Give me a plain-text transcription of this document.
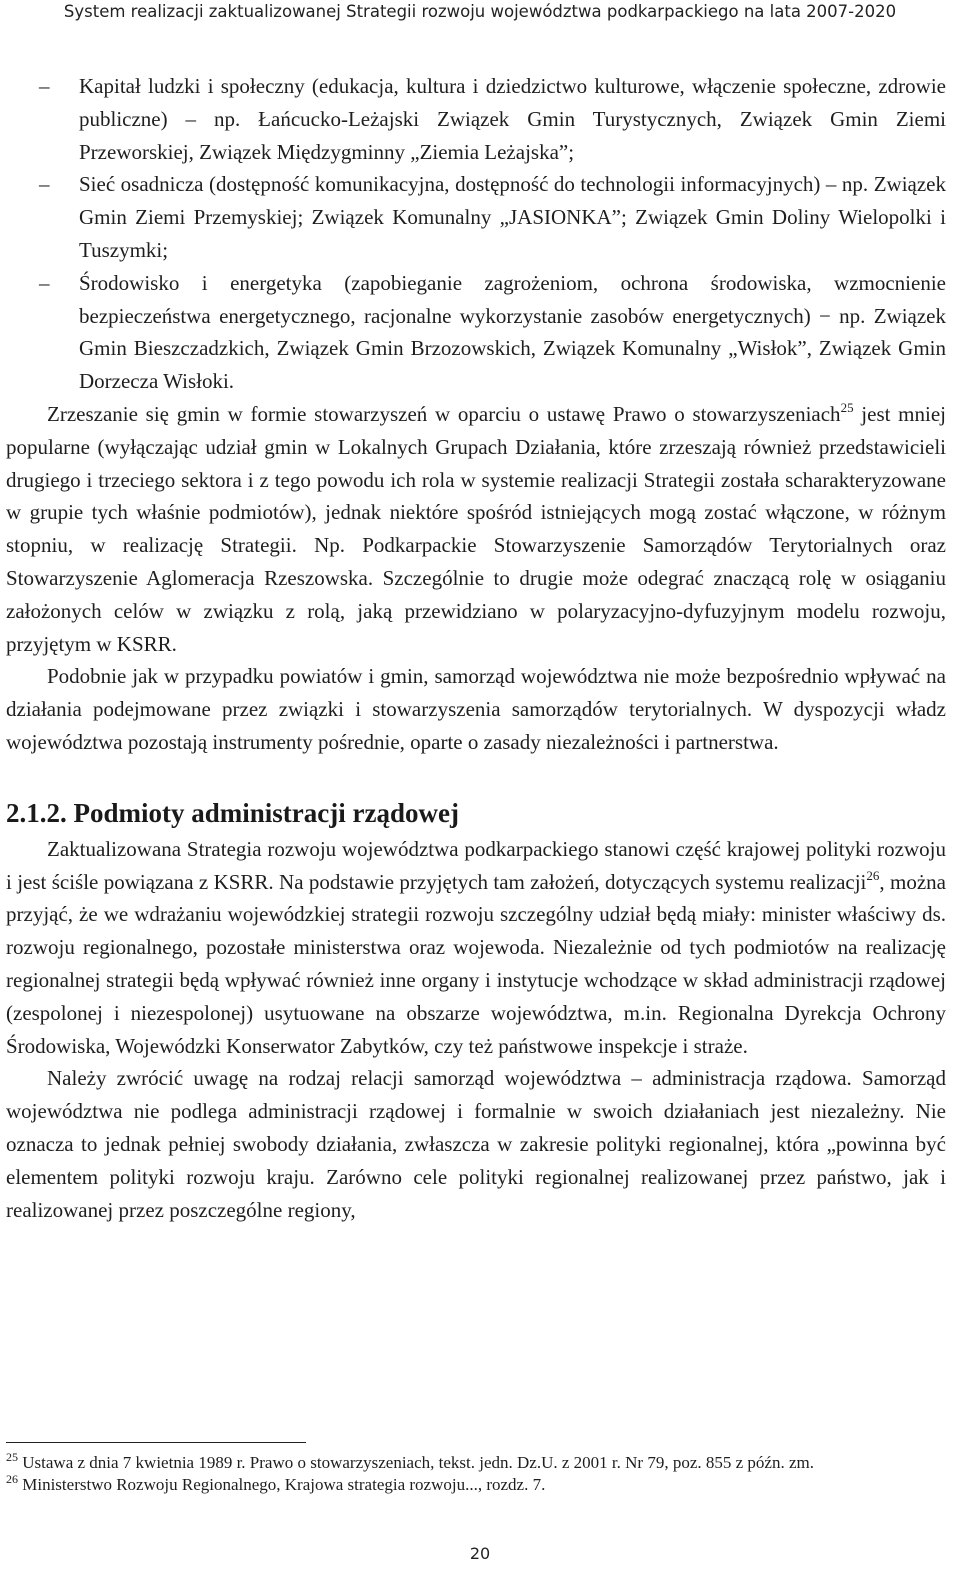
System realizacji zaktualizowanej Strategii rozwoju województwa podkarpackiego na lata 2007-2020
– Kapitał ludzki i społeczny (edukacja, kultura i dziedzictwo kulturowe, włączenie społeczne, zdrowie publiczne) – np. Łańcucko-Leżajski Związek Gmin Turystycznych, Związek Gmin Ziemi Przeworskiej, Związek Międzygminny „Ziemia Leżajska”;
– Sieć osadnicza (dostępność komunikacyjna, dostępność do technologii informacyjnych) – np. Związek Gmin Ziemi Przemyskiej; Związek Komunalny „JASIONKA”; Związek Gmin Doliny Wielopolki i Tuszymki;
– Środowisko i energetyka (zapobieganie zagrożeniom, ochrona środowiska, wzmocnienie bezpieczeństwa energetycznego, racjonalne wykorzystanie zasobów energetycznych) − np. Związek Gmin Bieszczadzkich, Związek Gmin Brzozowskich, Związek Komunalny „Wisłok”, Związek Gmin Dorzecza Wisłoki.

Zrzeszanie się gmin w formie stowarzyszeń w oparciu o ustawę Prawo o stowarzyszeniach$^{25}$ jest mniej popularne (wyłączając udział gmin w Lokalnych Grupach Działania, które zrzeszają również przedstawicieli drugiego i trzeciego sektora i z tego powodu ich rola w systemie realizacji Strategii została scharakteryzowane w grupie tych właśnie podmiotów), jednak niektóre spośród istniejących mogą zostać włączone, w różnym stopniu, w realizację Strategii. Np. Podkarpackie Stowarzyszenie Samorządów Terytorialnych oraz Stowarzyszenie Aglomeracja Rzeszowska. Szczególnie to drugie może odegrać znaczącą rolę w osiąganiu założonych celów w związku z rolą, jaką przewidziano w polaryzacyjno-dyfuzyjnym modelu rozwoju, przyjętym w KSRR.

Podobnie jak w przypadku powiatów i gmin, samorząd województwa nie może bezpośrednio wpływać na działania podejmowane przez związki i stowarzyszenia samorządów terytorialnych. W dyspozycji władz województwa pozostają instrumenty pośrednie, oparte o zasady niezależności i partnerstwa.

2.1.2. Podmioty administracji rządowej

Zaktualizowana Strategia rozwoju województwa podkarpackiego stanowi część krajowej polityki rozwoju i jest ściśle powiązana z KSRR. Na podstawie przyjętych tam założeń, dotyczących systemu realizacji$^{26}$, można przyjąć, że we wdrażaniu wojewódzkiej strategii rozwoju szczególny udział będą miały: minister właściwy ds. rozwoju regionalnego, pozostałe ministerstwa oraz wojewoda. Niezależnie od tych podmiotów na realizację regionalnej strategii będą wpływać również inne organy i instytucje wchodzące w skład administracji rządowej (zespolonej i niezespolonej) usytuowane na obszarze województwa, m.in. Regionalna Dyrekcja Ochrony Środowiska, Wojewódzki Konserwator Zabytków, czy też państwowe inspekcje i straże.

Należy zwrócić uwagę na rodzaj relacji samorząd województwa – administracja rządowa. Samorząd województwa nie podlega administracji rządowej i formalnie w swoich działaniach jest niezależny. Nie oznacza to jednak pełniej swobody działania, zwłaszcza w zakresie polityki regionalnej, która „powinna być elementem polityki rozwoju kraju. Zarówno cele polityki regionalnej realizowanej przez państwo, jak i realizowanej przez poszczególne regiony,

$^{25}$ Ustawa z dnia 7 kwietnia 1989 r. Prawo o stowarzyszeniach, tekst. jedn. Dz.U. z 2001 r. Nr 79, poz. 855 z późn. zm.

$^{26}$ Ministerstwo Rozwoju Regionalnego, Krajowa strategia rozwoju..., rozdz. 7.

20
